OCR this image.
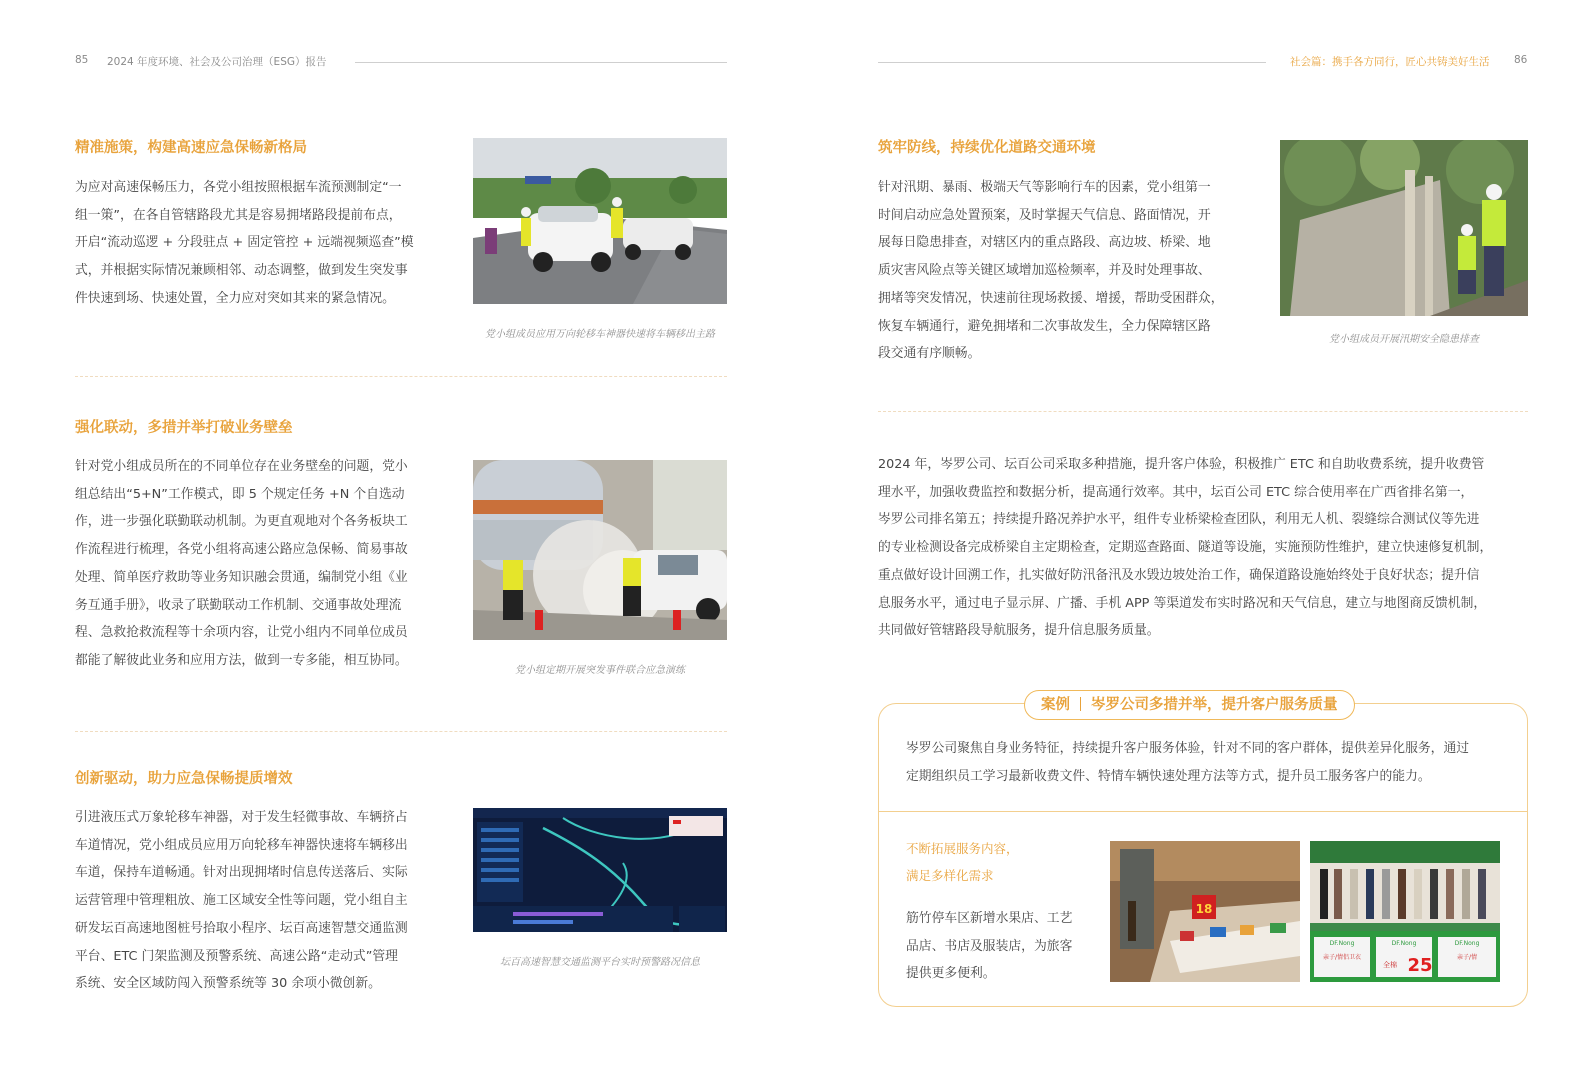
85 2024 年度环境、社会及公司治理（ESG）报告	社会篇：携手各方同行，匠心共铸美好生活 86
精准施策，构建高速应急保畅新格局
为应对高速保畅压力，各党小组按照根据车流预测制定“一
组一策”，在各自管辖路段尤其是容易拥堵路段提前布点，
开启“流动巡逻 + 分段驻点 + 固定管控 + 远端视频巡查”模
式，并根据实际情况兼顾相邻、动态调整，做到发生突发事
件快速到场、快速处置，全力应对突如其来的紧急情况。
党小组成员应用万向轮移车神器快速将车辆移出主路
强化联动，多措并举打破业务壁垒
针对党小组成员所在的不同单位存在业务壁垒的问题，党小
组总结出“5+N”工作模式，即 5 个规定任务 +N 个自选动
作，进一步强化联勤联动机制。为更直观地对个各务板块工
作流程进行梳理，各党小组将高速公路应急保畅、简易事故
处理、简单医疗救助等业务知识融会贯通，编制党小组《业
务互通手册》，收录了联勤联动工作机制、交通事故处理流
程、急救抢救流程等十余项内容，让党小组内不同单位成员
都能了解彼此业务和应用方法，做到一专多能，相互协同。
党小组定期开展突发事件联合应急演练
创新驱动，助力应急保畅提质增效
引进液压式万象轮移车神器，对于发生轻微事故、车辆挤占
车道情况，党小组成员应用万向轮移车神器快速将车辆移出
车道，保持车道畅通。针对出现拥堵时信息传送落后、实际
运营管理中管理粗放、施工区域安全性等问题，党小组自主
研发坛百高速地图桩号拾取小程序、坛百高速智慧交通监测
平台、ETC 门架监测及预警系统、高速公路“走动式”管理
系统、安全区域防闯入预警系统等 30 余项小微创新。
坛百高速智慧交通监测平台实时预警路况信息
筑牢防线，持续优化道路交通环境
针对汛期、暴雨、极端天气等影响行车的因素，党小组第一
时间启动应急处置预案，及时掌握天气信息、路面情况，开
展每日隐患排查，对辖区内的重点路段、高边坡、桥梁、地
质灾害风险点等关键区域增加巡检频率，并及时处理事故、
拥堵等突发情况，快速前往现场救援、增援，帮助受困群众，
恢复车辆通行，避免拥堵和二次事故发生，全力保障辖区路
段交通有序顺畅。
党小组成员开展汛期安全隐患排查
2024 年，岑罗公司、坛百公司采取多种措施，提升客户体验，积极推广 ETC 和自助收费系统，提升收费管
理水平，加强收费监控和数据分析，提高通行效率。其中，坛百公司 ETC 综合使用率在广西省排名第一，
岑罗公司排名第五；持续提升路况养护水平，组件专业桥梁检查团队，利用无人机、裂缝综合测试仪等先进
的专业检测设备完成桥梁自主定期检查，定期巡查路面、隧道等设施，实施预防性维护，建立快速修复机制，
重点做好设计回溯工作，扎实做好防汛备汛及水毁边坡处治工作，确保道路设施始终处于良好状态；提升信
息服务水平，通过电子显示屏、广播、手机 APP 等渠道发布实时路况和天气信息，建立与地图商反馈机制，
共同做好管辖路段导航服务，提升信息服务质量。
案例 岑罗公司多措并举，提升客户服务质量
岑罗公司聚焦自身业务特征，持续提升客户服务体验，针对不同的客户群体，提供差异化服务，通过
定期组织员工学习最新收费文件、特情车辆快速处理方法等方式，提升员工服务客户的能力。
不断拓展服务内容，
满足多样化需求
筋竹停车区新增水果店、工艺
品店、书店及服装店，为旅客
提供更多便利。
18
DF.Nong	DF.Nong	DF.Nong
亲子/情侣卫衣
全棉 25	亲子/情
